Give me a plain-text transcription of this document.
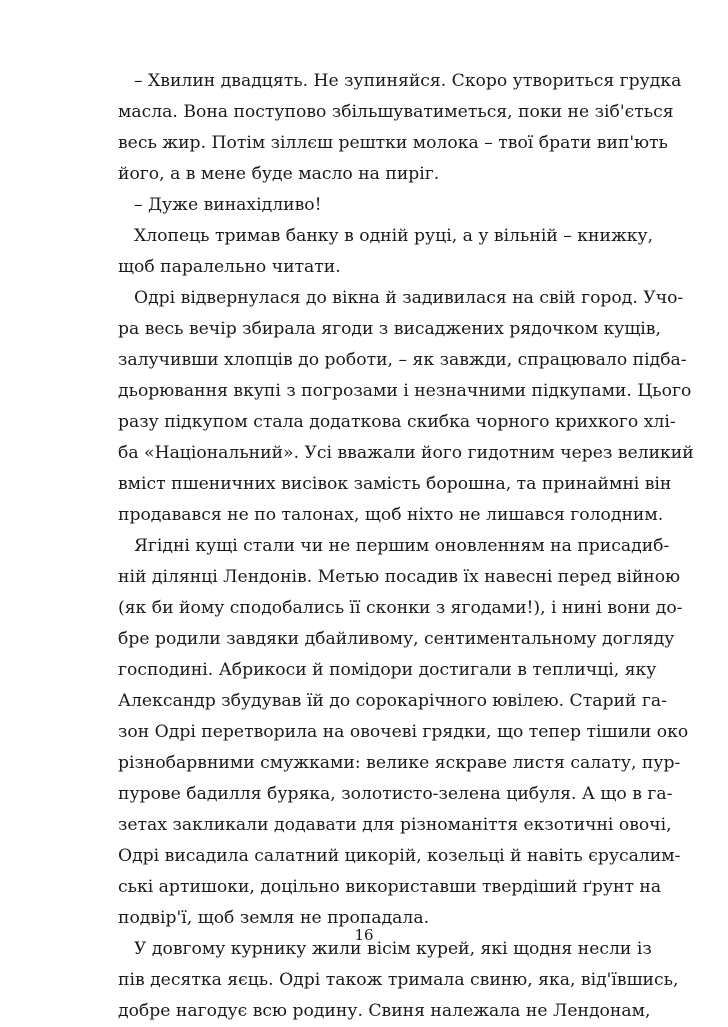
– Хвилин двадцять. Не зупиняйся. Скоро утвориться грудка
масла. Вона поступово збільшуватиметься, поки не зіб'ється
весь жир. Потім зіллєш рештки молока – твої брати вип'ють
його, а в мене буде масло на пиріг.
– Дуже винахідливо!
Хлопець тримав банку в одній руці, а у вільній – книжку,
щоб паралельно читати.
Одрі відвернулася до вікна й задивилася на свій город. Учо-
ра весь вечір збирала ягоди з висаджених рядочком кущів,
залучивши хлопців до роботи, – як завжди, спрацювало підба-
дьорювання вкупі з погрозами і незначними підкупами. Цього
разу підкупом стала додаткова скибка чорного крихкого хлі-
ба «Національний». Усі вважали його гидотним через великий
вміст пшеничних висівок замість борошна, та принаймні він
продавався не по талонах, щоб ніхто не лишався голодним.
Ягідні кущі стали чи не першим оновленням на присадиб-
ній ділянці Лендонів. Метью посадив їх навесні перед війною
(як би йому сподобались її сконки з ягодами!), і нині вони до-
бре родили завдяки дбайливому, сентиментальному догляду
господині. Абрикоси й помідори достигали в тепличці, яку
Александр збудував їй до сорокарічного ювілею. Старий га-
зон Одрі перетворила на овочеві грядки, що тепер тішили око
різнобарвними смужками: велике яскраве листя салату, пур-
пурове бадилля буряка, золотисто-зелена цибуля. А що в га-
зетах закликали додавати для різноманіття екзотичні овочі,
Одрі висадила салатний цикорій, козельці й навіть єрусалим-
ські артишоки, доцільно використавши твердіший ґрунт на
подвір'ї, щоб земля не пропадала.
У довгому курнику жили вісім курей, які щодня несли із
пів десятка яєць. Одрі також тримала свиню, яка, від'ївшись,
добре нагодує всю родину. Свиня належала не Лендонам,
16
